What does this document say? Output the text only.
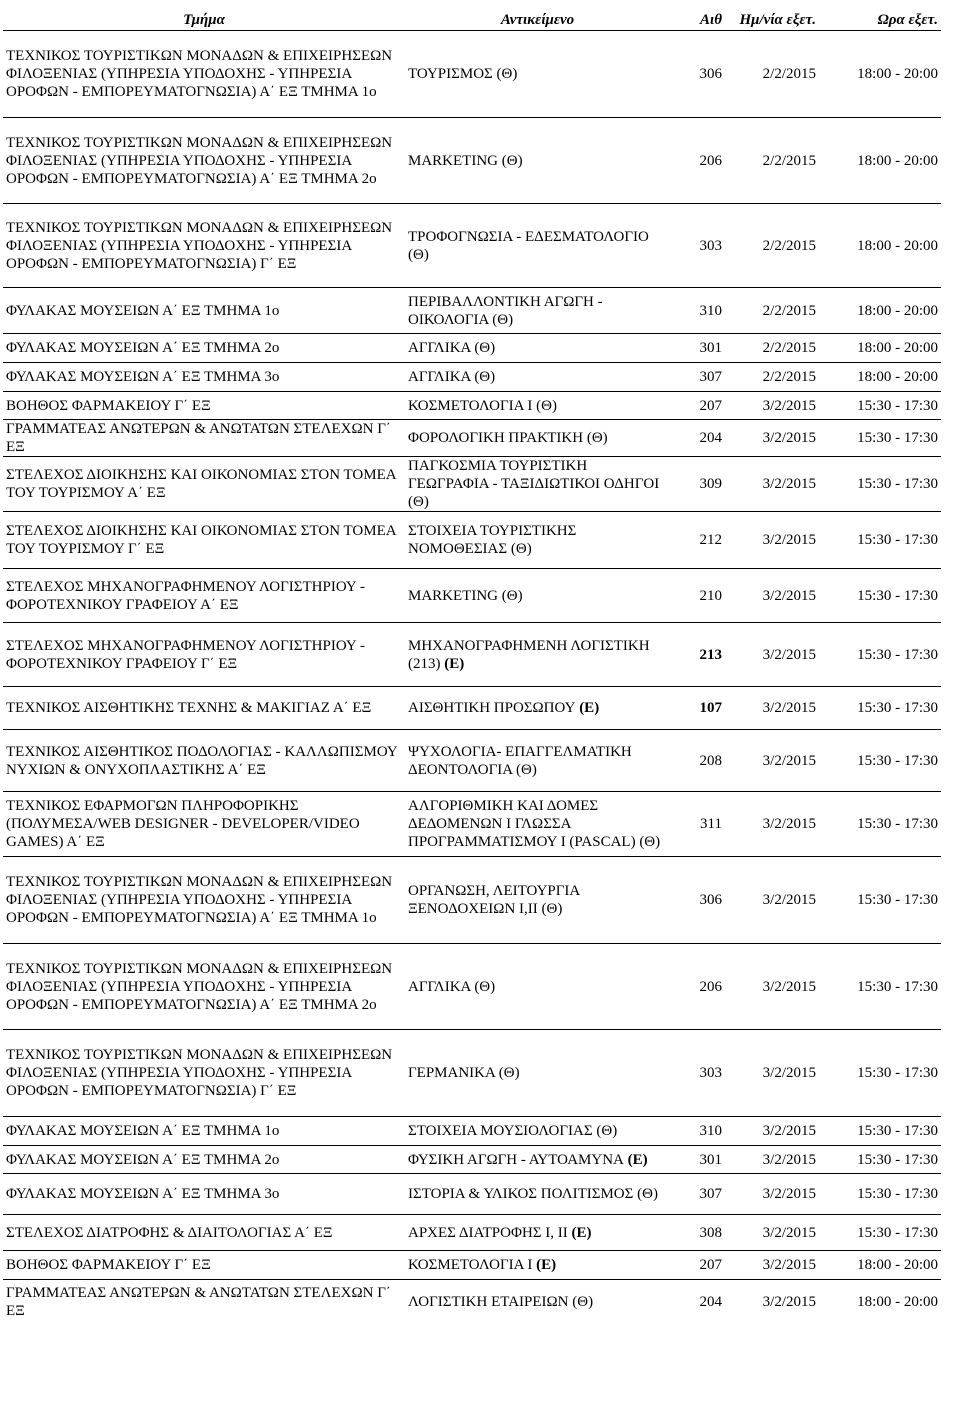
Τμήμα	Αντικείμενο	Αιθ	Ημ/νία εξετ.	Ωρα εξετ.
ΤΕΧΝΙΚΟΣ ΤΟΥΡΙΣΤΙΚΩΝ ΜΟΝΑΔΩΝ & ΕΠΙΧΕΙΡΗΣΕΩΝ ΦΙΛΟΞΕΝΙΑΣ (ΥΠΗΡΕΣΙΑ ΥΠΟΔΟΧΗΣ - ΥΠΗΡΕΣΙΑ ΟΡΟΦΩΝ - ΕΜΠΟΡΕΥΜΑΤΟΓΝΩΣΙΑ) Α΄ ΕΞ ΤΜΗΜΑ 1ο	ΤΟΥΡΙΣΜΟΣ (Θ)	306	2/2/2015	18:00 - 20:00
ΤΕΧΝΙΚΟΣ ΤΟΥΡΙΣΤΙΚΩΝ ΜΟΝΑΔΩΝ & ΕΠΙΧΕΙΡΗΣΕΩΝ ΦΙΛΟΞΕΝΙΑΣ (ΥΠΗΡΕΣΙΑ ΥΠΟΔΟΧΗΣ - ΥΠΗΡΕΣΙΑ ΟΡΟΦΩΝ - ΕΜΠΟΡΕΥΜΑΤΟΓΝΩΣΙΑ) Α΄ ΕΞ ΤΜΗΜΑ 2ο	MARKETING (Θ)	206	2/2/2015	18:00 - 20:00
ΤΕΧΝΙΚΟΣ ΤΟΥΡΙΣΤΙΚΩΝ ΜΟΝΑΔΩΝ & ΕΠΙΧΕΙΡΗΣΕΩΝ ΦΙΛΟΞΕΝΙΑΣ (ΥΠΗΡΕΣΙΑ ΥΠΟΔΟΧΗΣ - ΥΠΗΡΕΣΙΑ ΟΡΟΦΩΝ - ΕΜΠΟΡΕΥΜΑΤΟΓΝΩΣΙΑ) Γ΄ ΕΞ	ΤΡΟΦΟΓΝΩΣΙΑ - ΕΔΕΣΜΑΤΟΛΟΓΙΟ (Θ)	303	2/2/2015	18:00 - 20:00
ΦΥΛΑΚΑΣ ΜΟΥΣΕΙΩΝ Α΄ ΕΞ ΤΜΗΜΑ 1ο	ΠΕΡΙΒΑΛΛΟΝΤΙΚΗ ΑΓΩΓΗ - ΟΙΚΟΛΟΓΙΑ (Θ)	310	2/2/2015	18:00 - 20:00
ΦΥΛΑΚΑΣ ΜΟΥΣΕΙΩΝ Α΄ ΕΞ ΤΜΗΜΑ 2ο	ΑΓΓΛΙΚΑ (Θ)	301	2/2/2015	18:00 - 20:00
ΦΥΛΑΚΑΣ ΜΟΥΣΕΙΩΝ Α΄ ΕΞ ΤΜΗΜΑ 3ο	ΑΓΓΛΙΚΑ (Θ)	307	2/2/2015	18:00 - 20:00
ΒΟΗΘΟΣ ΦΑΡΜΑΚΕΙΟΥ Γ΄ ΕΞ	ΚΟΣΜΕΤΟΛΟΓΙΑ Ι (Θ)	207	3/2/2015	15:30 - 17:30
ΓΡΑΜΜΑΤΕΑΣ ΑΝΩΤΕΡΩΝ & ΑΝΩΤΑΤΩΝ ΣΤΕΛΕΧΩΝ Γ΄ ΕΞ	ΦΟΡΟΛΟΓΙΚΗ ΠΡΑΚΤΙΚΗ (Θ)	204	3/2/2015	15:30 - 17:30
ΣΤΕΛΕΧΟΣ ΔΙΟΙΚΗΣΗΣ ΚΑΙ ΟΙΚΟΝΟΜΙΑΣ ΣΤΟΝ ΤΟΜΕΑ ΤΟΥ ΤΟΥΡΙΣΜΟΥ Α΄ ΕΞ	ΠΑΓΚΟΣΜΙΑ ΤΟΥΡΙΣΤΙΚΗ ΓΕΩΓΡΑΦΙΑ - ΤΑΞΙΔΙΩΤΙΚΟΙ ΟΔΗΓΟΙ (Θ)	309	3/2/2015	15:30 - 17:30
ΣΤΕΛΕΧΟΣ ΔΙΟΙΚΗΣΗΣ ΚΑΙ ΟΙΚΟΝΟΜΙΑΣ ΣΤΟΝ ΤΟΜΕΑ ΤΟΥ ΤΟΥΡΙΣΜΟΥ Γ΄ ΕΞ	ΣΤΟΙΧΕΙΑ ΤΟΥΡΙΣΤΙΚΗΣ ΝΟΜΟΘΕΣΙΑΣ (Θ)	212	3/2/2015	15:30 - 17:30
ΣΤΕΛΕΧΟΣ ΜΗΧΑΝΟΓΡΑΦΗΜΕΝΟΥ ΛΟΓΙΣΤΗΡΙΟΥ - ΦΟΡΟΤΕΧΝΙΚΟΥ ΓΡΑΦΕΙΟΥ Α΄ ΕΞ	MARKETING (Θ)	210	3/2/2015	15:30 - 17:30
ΣΤΕΛΕΧΟΣ ΜΗΧΑΝΟΓΡΑΦΗΜΕΝΟΥ ΛΟΓΙΣΤΗΡΙΟΥ - ΦΟΡΟΤΕΧΝΙΚΟΥ ΓΡΑΦΕΙΟΥ Γ΄ ΕΞ	ΜΗΧΑΝΟΓΡΑΦΗΜΕΝΗ ΛΟΓΙΣΤΙΚΗ (213) (Ε)	213	3/2/2015	15:30 - 17:30
ΤΕΧΝΙΚΟΣ ΑΙΣΘΗΤΙΚΗΣ ΤΕΧΝΗΣ & ΜΑΚΙΓΙΑΖ Α΄ ΕΞ	ΑΙΣΘΗΤΙΚΗ ΠΡΟΣΩΠΟΥ (Ε)	107	3/2/2015	15:30 - 17:30
ΤΕΧΝΙΚΟΣ ΑΙΣΘΗΤΙΚΟΣ ΠΟΔΟΛΟΓΙΑΣ - ΚΑΛΛΩΠΙΣΜΟΥ ΝΥΧΙΩΝ & ΟΝΥΧΟΠΛΑΣΤΙΚΗΣ Α΄ ΕΞ	ΨΥΧΟΛΟΓΙΑ- ΕΠΑΓΓΕΛΜΑΤΙΚΗ ΔΕΟΝΤΟΛΟΓΙΑ (Θ)	208	3/2/2015	15:30 - 17:30
ΤΕΧΝΙΚΟΣ ΕΦΑΡΜΟΓΩΝ ΠΛΗΡΟΦΟΡΙΚΗΣ (ΠΟΛΥΜΕΣΑ/WEB DESIGNER - DEVELOPER/VIDEO GAMES) Α΄ ΕΞ	ΑΛΓΟΡΙΘΜΙΚΗ ΚΑΙ ΔΟΜΕΣ ΔΕΔΟΜΕΝΩΝ Ι ΓΛΩΣΣΑ ΠΡΟΓΡΑΜΜΑΤΙΣΜΟΥ Ι (PASCAL) (Θ)	311	3/2/2015	15:30 - 17:30
ΤΕΧΝΙΚΟΣ ΤΟΥΡΙΣΤΙΚΩΝ ΜΟΝΑΔΩΝ & ΕΠΙΧΕΙΡΗΣΕΩΝ ΦΙΛΟΞΕΝΙΑΣ (ΥΠΗΡΕΣΙΑ ΥΠΟΔΟΧΗΣ - ΥΠΗΡΕΣΙΑ ΟΡΟΦΩΝ - ΕΜΠΟΡΕΥΜΑΤΟΓΝΩΣΙΑ) Α΄ ΕΞ ΤΜΗΜΑ 1ο	ΟΡΓΑΝΩΣΗ, ΛΕΙΤΟΥΡΓΙΑ ΞΕΝΟΔΟΧΕΙΩΝ Ι,ΙΙ (Θ)	306	3/2/2015	15:30 - 17:30
ΤΕΧΝΙΚΟΣ ΤΟΥΡΙΣΤΙΚΩΝ ΜΟΝΑΔΩΝ & ΕΠΙΧΕΙΡΗΣΕΩΝ ΦΙΛΟΞΕΝΙΑΣ (ΥΠΗΡΕΣΙΑ ΥΠΟΔΟΧΗΣ - ΥΠΗΡΕΣΙΑ ΟΡΟΦΩΝ - ΕΜΠΟΡΕΥΜΑΤΟΓΝΩΣΙΑ) Α΄ ΕΞ ΤΜΗΜΑ 2ο	ΑΓΓΛΙΚΑ (Θ)	206	3/2/2015	15:30 - 17:30
ΤΕΧΝΙΚΟΣ ΤΟΥΡΙΣΤΙΚΩΝ ΜΟΝΑΔΩΝ & ΕΠΙΧΕΙΡΗΣΕΩΝ ΦΙΛΟΞΕΝΙΑΣ (ΥΠΗΡΕΣΙΑ ΥΠΟΔΟΧΗΣ - ΥΠΗΡΕΣΙΑ ΟΡΟΦΩΝ - ΕΜΠΟΡΕΥΜΑΤΟΓΝΩΣΙΑ) Γ΄ ΕΞ	ΓΕΡΜΑΝΙΚΑ (Θ)	303	3/2/2015	15:30 - 17:30
ΦΥΛΑΚΑΣ ΜΟΥΣΕΙΩΝ Α΄ ΕΞ ΤΜΗΜΑ 1ο	ΣΤΟΙΧΕΙΑ ΜΟΥΣΙΟΛΟΓΙΑΣ (Θ)	310	3/2/2015	15:30 - 17:30
ΦΥΛΑΚΑΣ ΜΟΥΣΕΙΩΝ Α΄ ΕΞ ΤΜΗΜΑ 2ο	ΦΥΣΙΚΗ ΑΓΩΓΗ - ΑΥΤΟΑΜΥΝΑ (Ε)	301	3/2/2015	15:30 - 17:30
ΦΥΛΑΚΑΣ ΜΟΥΣΕΙΩΝ Α΄ ΕΞ ΤΜΗΜΑ 3ο	ΙΣΤΟΡΙΑ & ΥΛΙΚΟΣ ΠΟΛΙΤΙΣΜΟΣ (Θ)	307	3/2/2015	15:30 - 17:30
ΣΤΕΛΕΧΟΣ ΔΙΑΤΡΟΦΗΣ & ΔΙΑΙΤΟΛΟΓΙΑΣ Α΄ ΕΞ	ΑΡΧΕΣ ΔΙΑΤΡΟΦΗΣ Ι, ΙΙ (Ε)	308	3/2/2015	15:30 - 17:30
ΒΟΗΘΟΣ ΦΑΡΜΑΚΕΙΟΥ Γ΄ ΕΞ	ΚΟΣΜΕΤΟΛΟΓΙΑ Ι (Ε)	207	3/2/2015	18:00 - 20:00
ΓΡΑΜΜΑΤΕΑΣ ΑΝΩΤΕΡΩΝ & ΑΝΩΤΑΤΩΝ ΣΤΕΛΕΧΩΝ Γ΄ ΕΞ	ΛΟΓΙΣΤΙΚΗ ΕΤΑΙΡΕΙΩΝ (Θ)	204	3/2/2015	18:00 - 20:00
